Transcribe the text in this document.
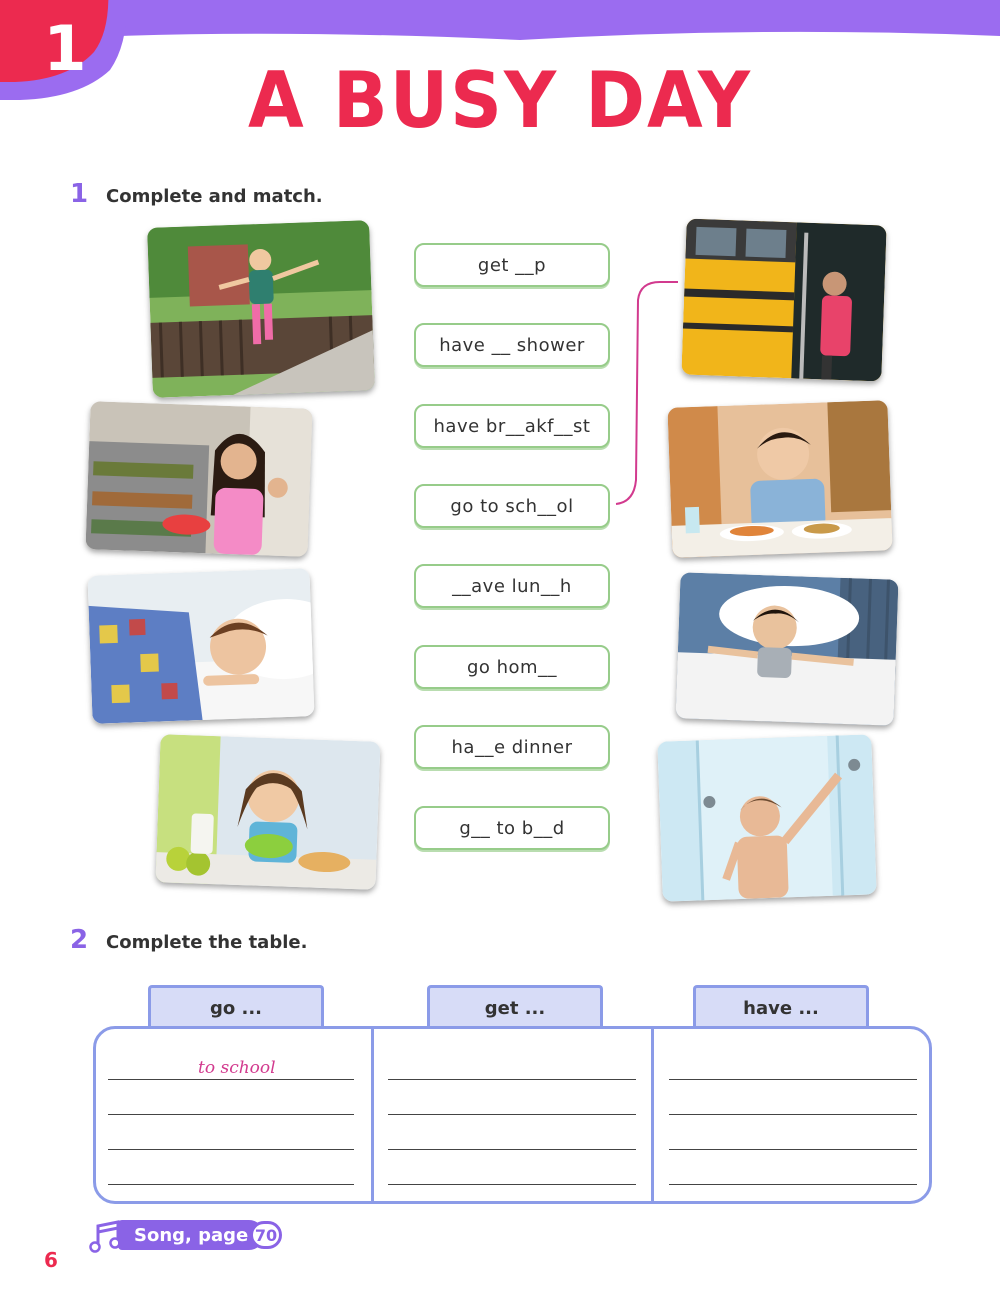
1
A BUSY DAY
1 Complete and match.
get __p
have __ shower
have br__akf__st
go to sch__ol
__ave lun__h
go hom__
ha__e dinner
g__ to b__d
2 Complete the table.
go ...	get ...	have ...
to school
Song, page 70
6
